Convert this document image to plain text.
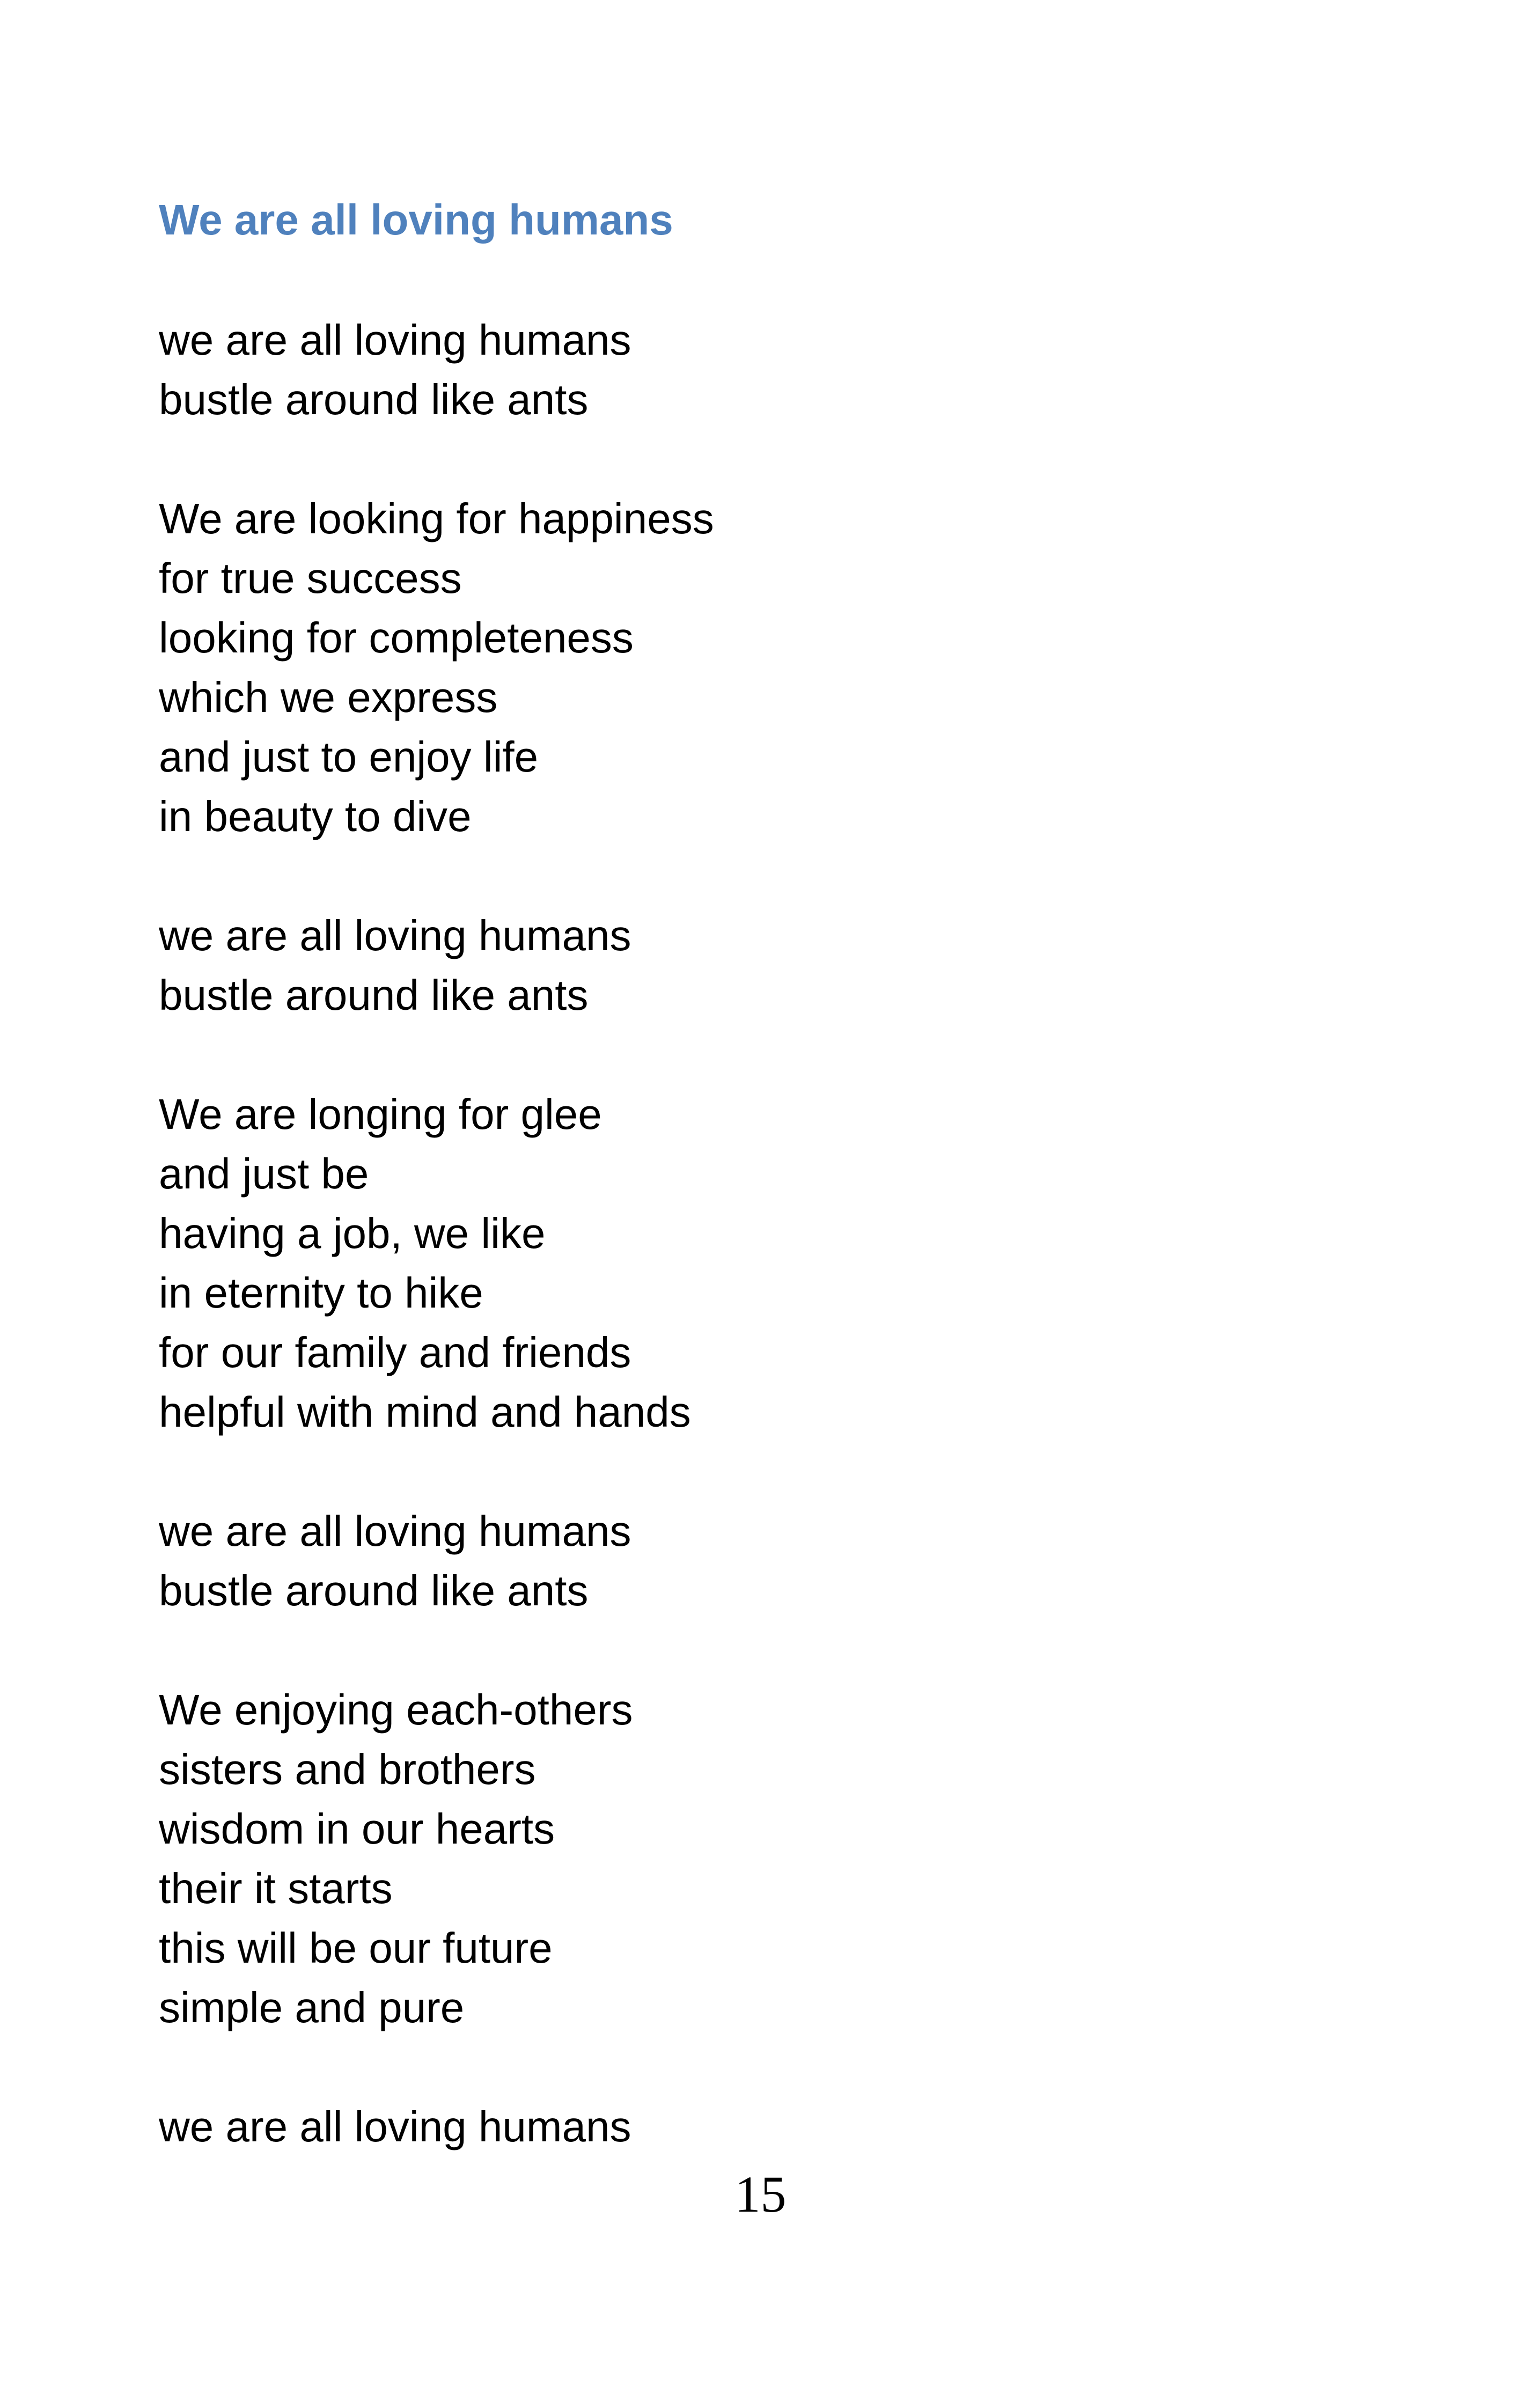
We are all loving humans
we are all loving humans
bustle around like ants
We are looking for happiness
for true success
looking for completeness
which we express
and just to enjoy life
in beauty to dive
we are all loving humans
bustle around like ants
We are longing for glee
and just be
having a job, we like
in eternity to hike
for our family and friends
helpful with mind and hands
we are all loving humans
bustle around like ants
We enjoying each-others
sisters and brothers
wisdom in our hearts
their it starts
this will be our future
simple and pure
we are all loving humans
15
